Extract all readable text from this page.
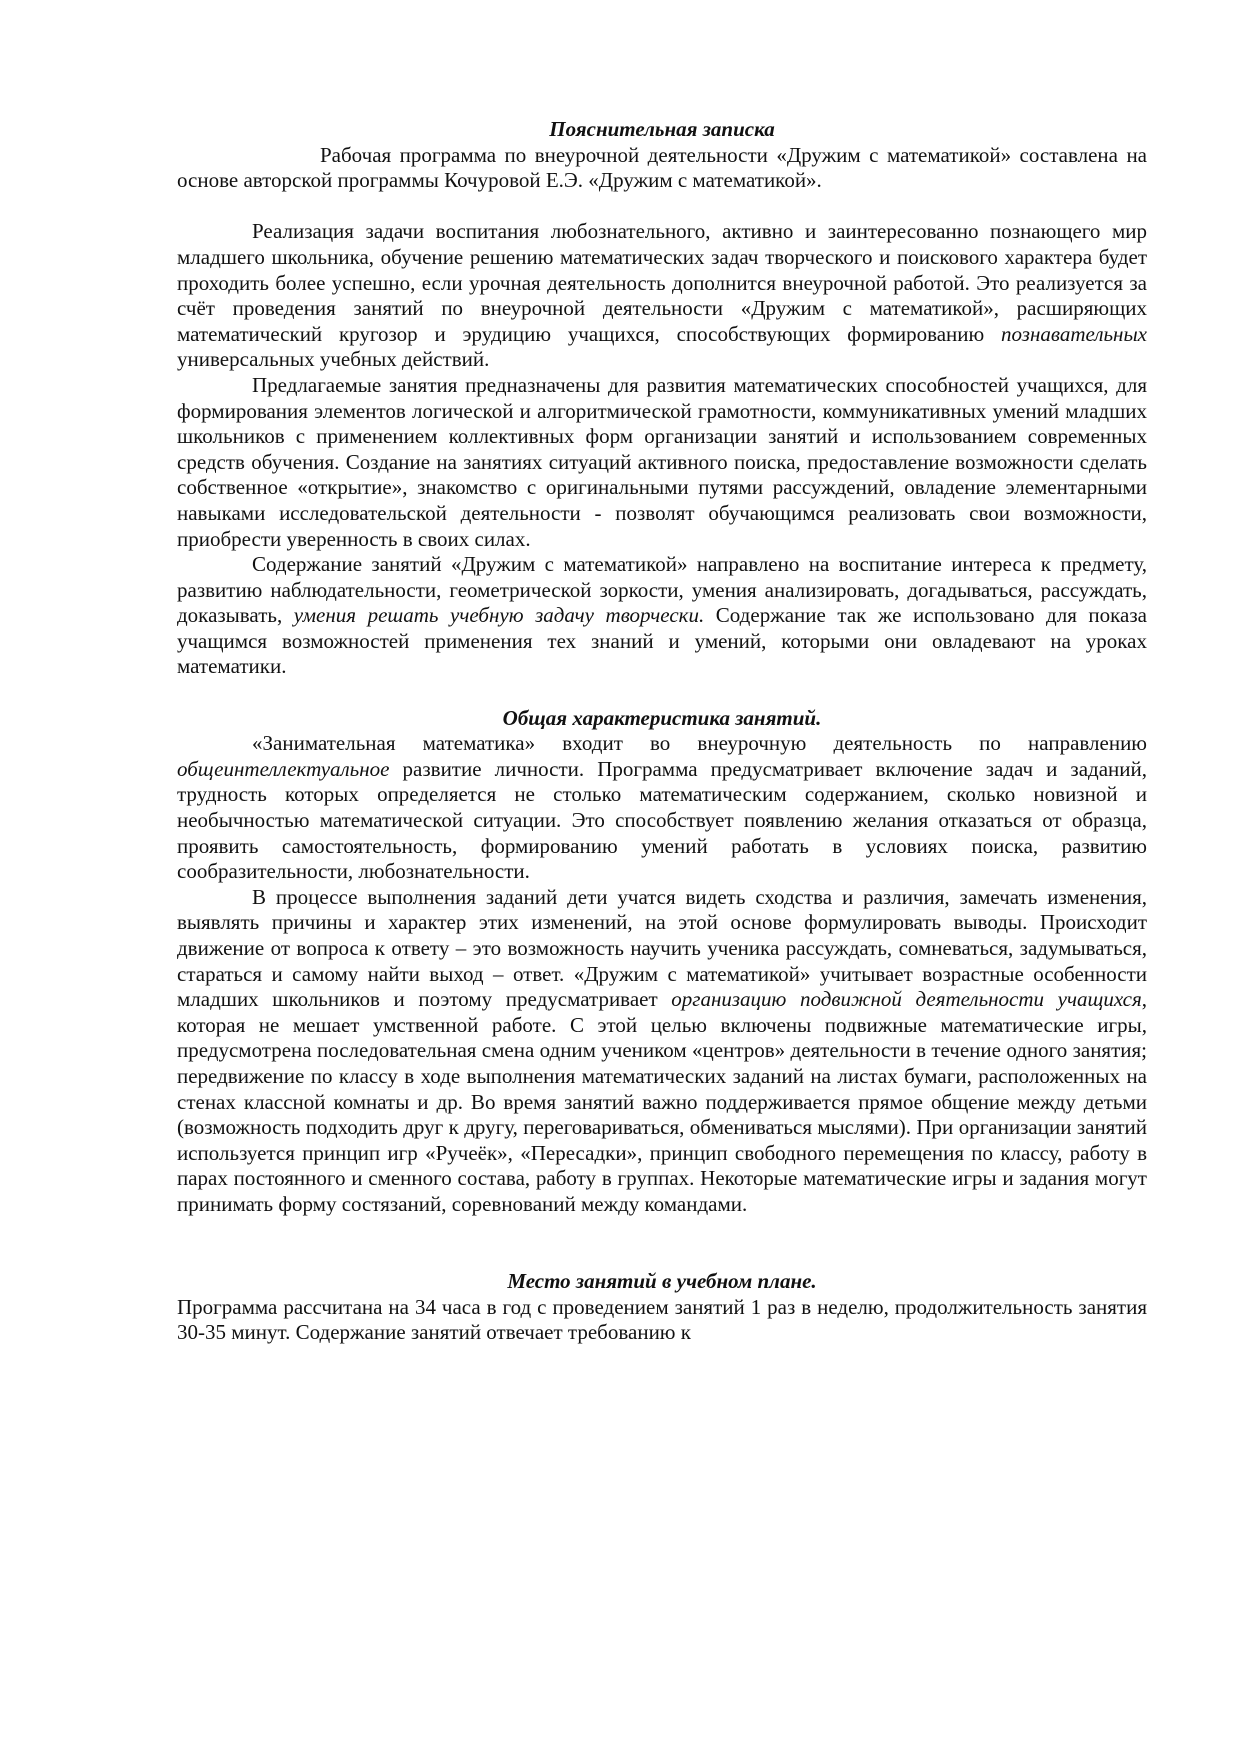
Пояснительная записка

Рабочая программа по внеурочной деятельности «Дружим с математикой» составлена на основе авторской программы Кочуровой Е.Э. «Дружим с математикой».

Реализация задачи воспитания любознательного, активно и заинтересованно познающего мир младшего школьника, обучение решению математических задач творческого и поискового характера будет проходить более успешно, если урочная деятельность дополнится внеурочной работой. Это реализуется за счёт проведения занятий по внеурочной деятельности «Дружим с математикой», расширяющих математический кругозор и эрудицию учащихся, способствующих формированию познавательных универсальных учебных действий.

Предлагаемые занятия предназначены для развития математических способностей учащихся, для формирования элементов логической и алгоритмической грамотности, коммуникативных умений младших школьников с применением коллективных форм организации занятий и использованием современных средств обучения. Создание на занятиях ситуаций активного поиска, предоставление возможности сделать собственное «открытие», знакомство с оригинальными путями рассуждений, овладение элементарными навыками исследовательской деятельности - позволят обучающимся реализовать свои возможности, приобрести уверенность в своих силах.

Содержание занятий «Дружим с математикой» направлено на воспитание интереса к предмету, развитию наблюдательности, геометрической зоркости, умения анализировать, догадываться, рассуждать, доказывать, умения решать учебную задачу творчески. Содержание так же использовано для показа учащимся возможностей применения тех знаний и умений, которыми они овладевают на уроках математики.

Общая характеристика занятий.

«Занимательная математика» входит во внеурочную деятельность по направлению общеинтеллектуальное развитие личности. Программа предусматривает включение задач и заданий, трудность которых определяется не столько математическим содержанием, сколько новизной и необычностью математической ситуации. Это способствует появлению желания отказаться от образца, проявить самостоятельность, формированию умений работать в условиях поиска, развитию сообразительности, любознательности.

В процессе выполнения заданий дети учатся видеть сходства и различия, замечать изменения, выявлять причины и характер этих изменений, на этой основе формулировать выводы. Происходит движение от вопроса к ответу – это возможность научить ученика рассуждать, сомневаться, задумываться, стараться и самому найти выход – ответ. «Дружим с математикой» учитывает возрастные особенности младших школьников и поэтому предусматривает организацию подвижной деятельности учащихся, которая не мешает умственной работе. С этой целью включены подвижные математические игры, предусмотрена последовательная смена одним учеником «центров» деятельности в течение одного занятия; передвижение по классу в ходе выполнения математических заданий на листах бумаги, расположенных на стенах классной комнаты и др. Во время занятий важно поддерживается прямое общение между детьми (возможность подходить друг к другу, переговариваться, обмениваться мыслями). При организации занятий используется принцип игр «Ручеёк», «Пересадки», принцип свободного перемещения по классу, работу в парах постоянного и сменного состава, работу в группах. Некоторые математические игры и задания могут принимать форму состязаний, соревнований между командами.

Место занятий в учебном плане.

Программа рассчитана на 34 часа в год с проведением занятий 1 раз в неделю, продолжительность занятия 30-35 минут. Содержание занятий отвечает требованию к
